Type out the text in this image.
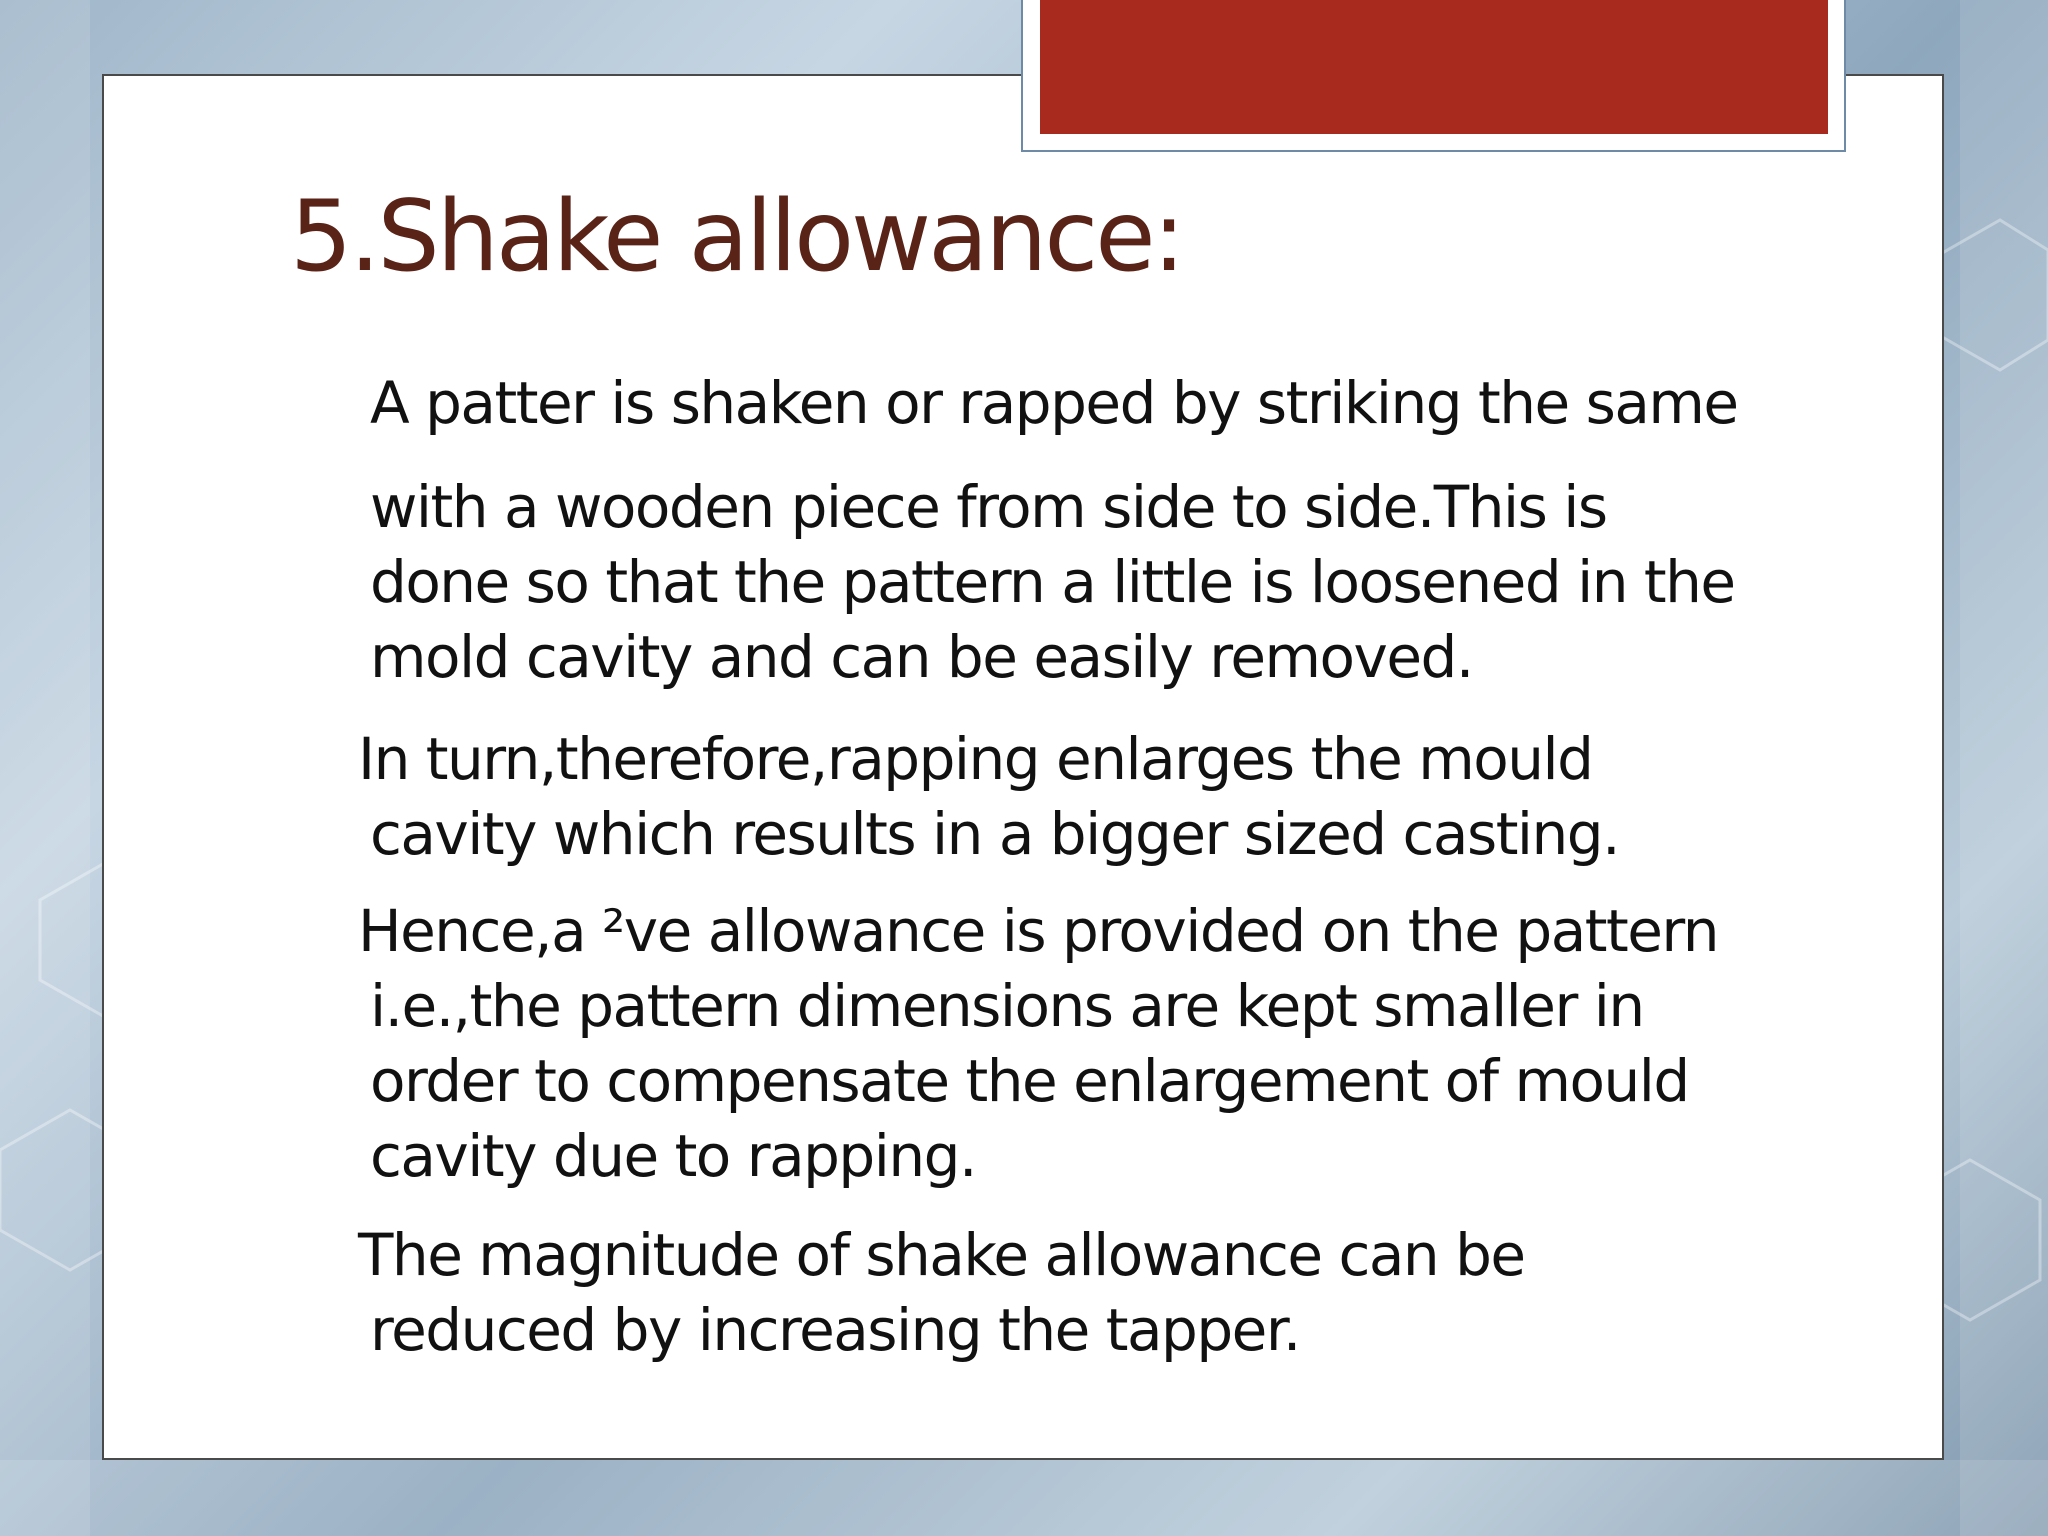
5.Shake allowance:
A patter is shaken or rapped by striking the same
with a wooden piece from side to side.This is
done so that the pattern a little is loosened in the
mold cavity and can be easily removed.
In turn,therefore,rapping enlarges the mould
cavity which results in a bigger sized casting.
Hence,a ²ve allowance is provided on the pattern
i.e.,the pattern dimensions are kept smaller in
order to compensate the enlargement of mould
cavity due to rapping.
The magnitude of shake allowance can be
reduced by increasing the tapper.
